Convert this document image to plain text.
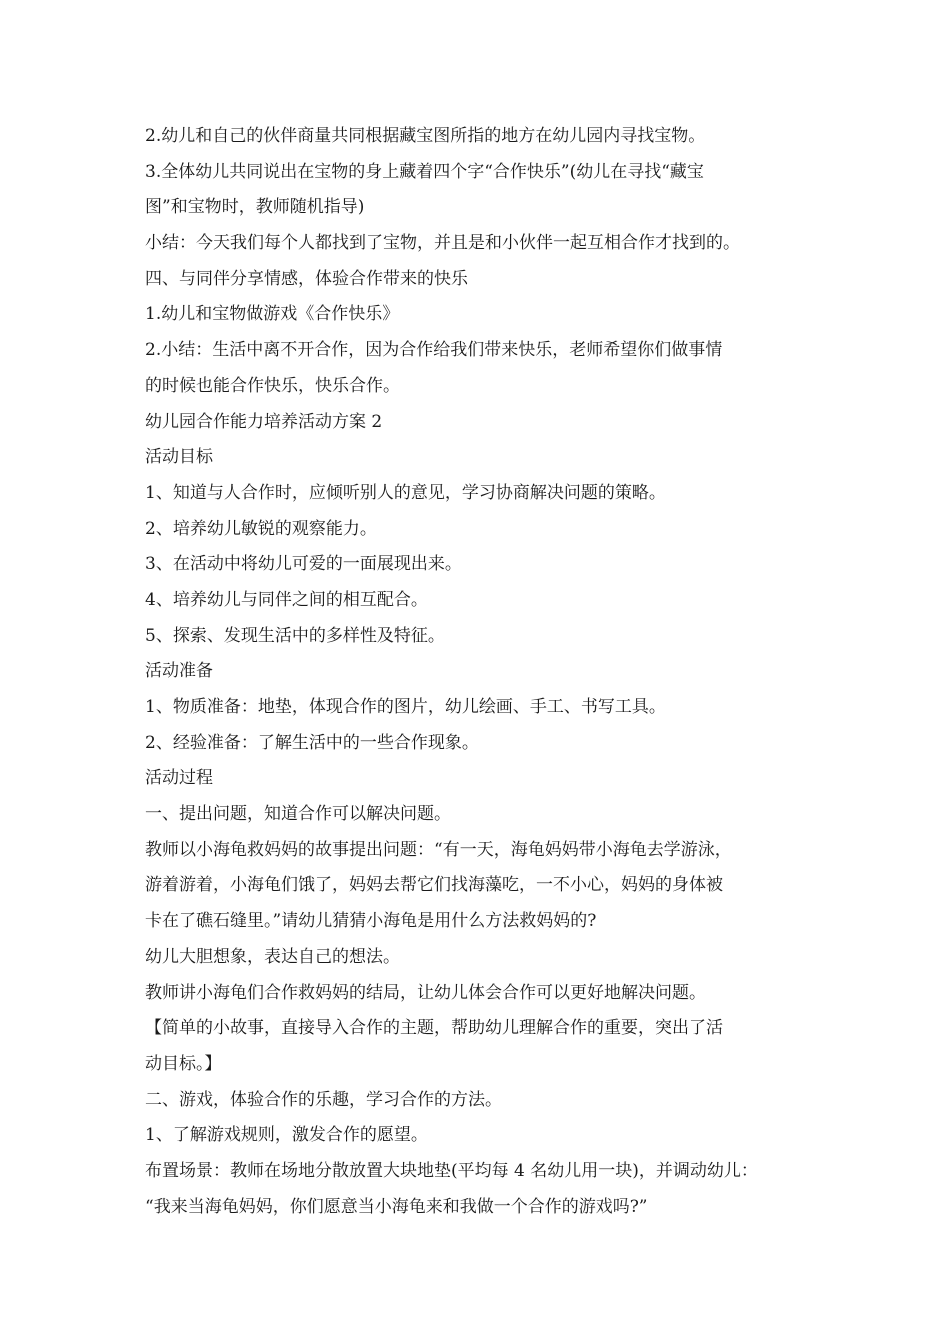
2.幼儿和自己的伙伴商量共同根据藏宝图所指的地方在幼儿园内寻找宝物。
3.全体幼儿共同说出在宝物的身上藏着四个字“合作快乐”(幼儿在寻找“藏宝
图”和宝物时，教师随机指导)
小结：今天我们每个人都找到了宝物，并且是和小伙伴一起互相合作才找到的。
四、与同伴分享情感，体验合作带来的快乐
1.幼儿和宝物做游戏《合作快乐》
2.小结：生活中离不开合作，因为合作给我们带来快乐，老师希望你们做事情
的时候也能合作快乐，快乐合作。
幼儿园合作能力培养活动方案 2
活动目标
1、知道与人合作时，应倾听别人的意见，学习协商解决问题的策略。
2、培养幼儿敏锐的观察能力。
3、在活动中将幼儿可爱的一面展现出来。
4、培养幼儿与同伴之间的相互配合。
5、探索、发现生活中的多样性及特征。
活动准备
1、物质准备：地垫，体现合作的图片，幼儿绘画、手工、书写工具。
2、经验准备：了解生活中的一些合作现象。
活动过程
一、提出问题，知道合作可以解决问题。
教师以小海龟救妈妈的故事提出问题：“有一天，海龟妈妈带小海龟去学游泳，
游着游着，小海龟们饿了，妈妈去帮它们找海藻吃，一不小心，妈妈的身体被
卡在了礁石缝里。”请幼儿猜猜小海龟是用什么方法救妈妈的?
幼儿大胆想象，表达自己的想法。
教师讲小海龟们合作救妈妈的结局，让幼儿体会合作可以更好地解决问题。
【简单的小故事，直接导入合作的主题，帮助幼儿理解合作的重要，突出了活
动目标。】
二、游戏，体验合作的乐趣，学习合作的方法。
1、了解游戏规则，激发合作的愿望。
布置场景：教师在场地分散放置大块地垫(平均每 4 名幼儿用一块)，并调动幼儿：
“我来当海龟妈妈，你们愿意当小海龟来和我做一个合作的游戏吗?”
